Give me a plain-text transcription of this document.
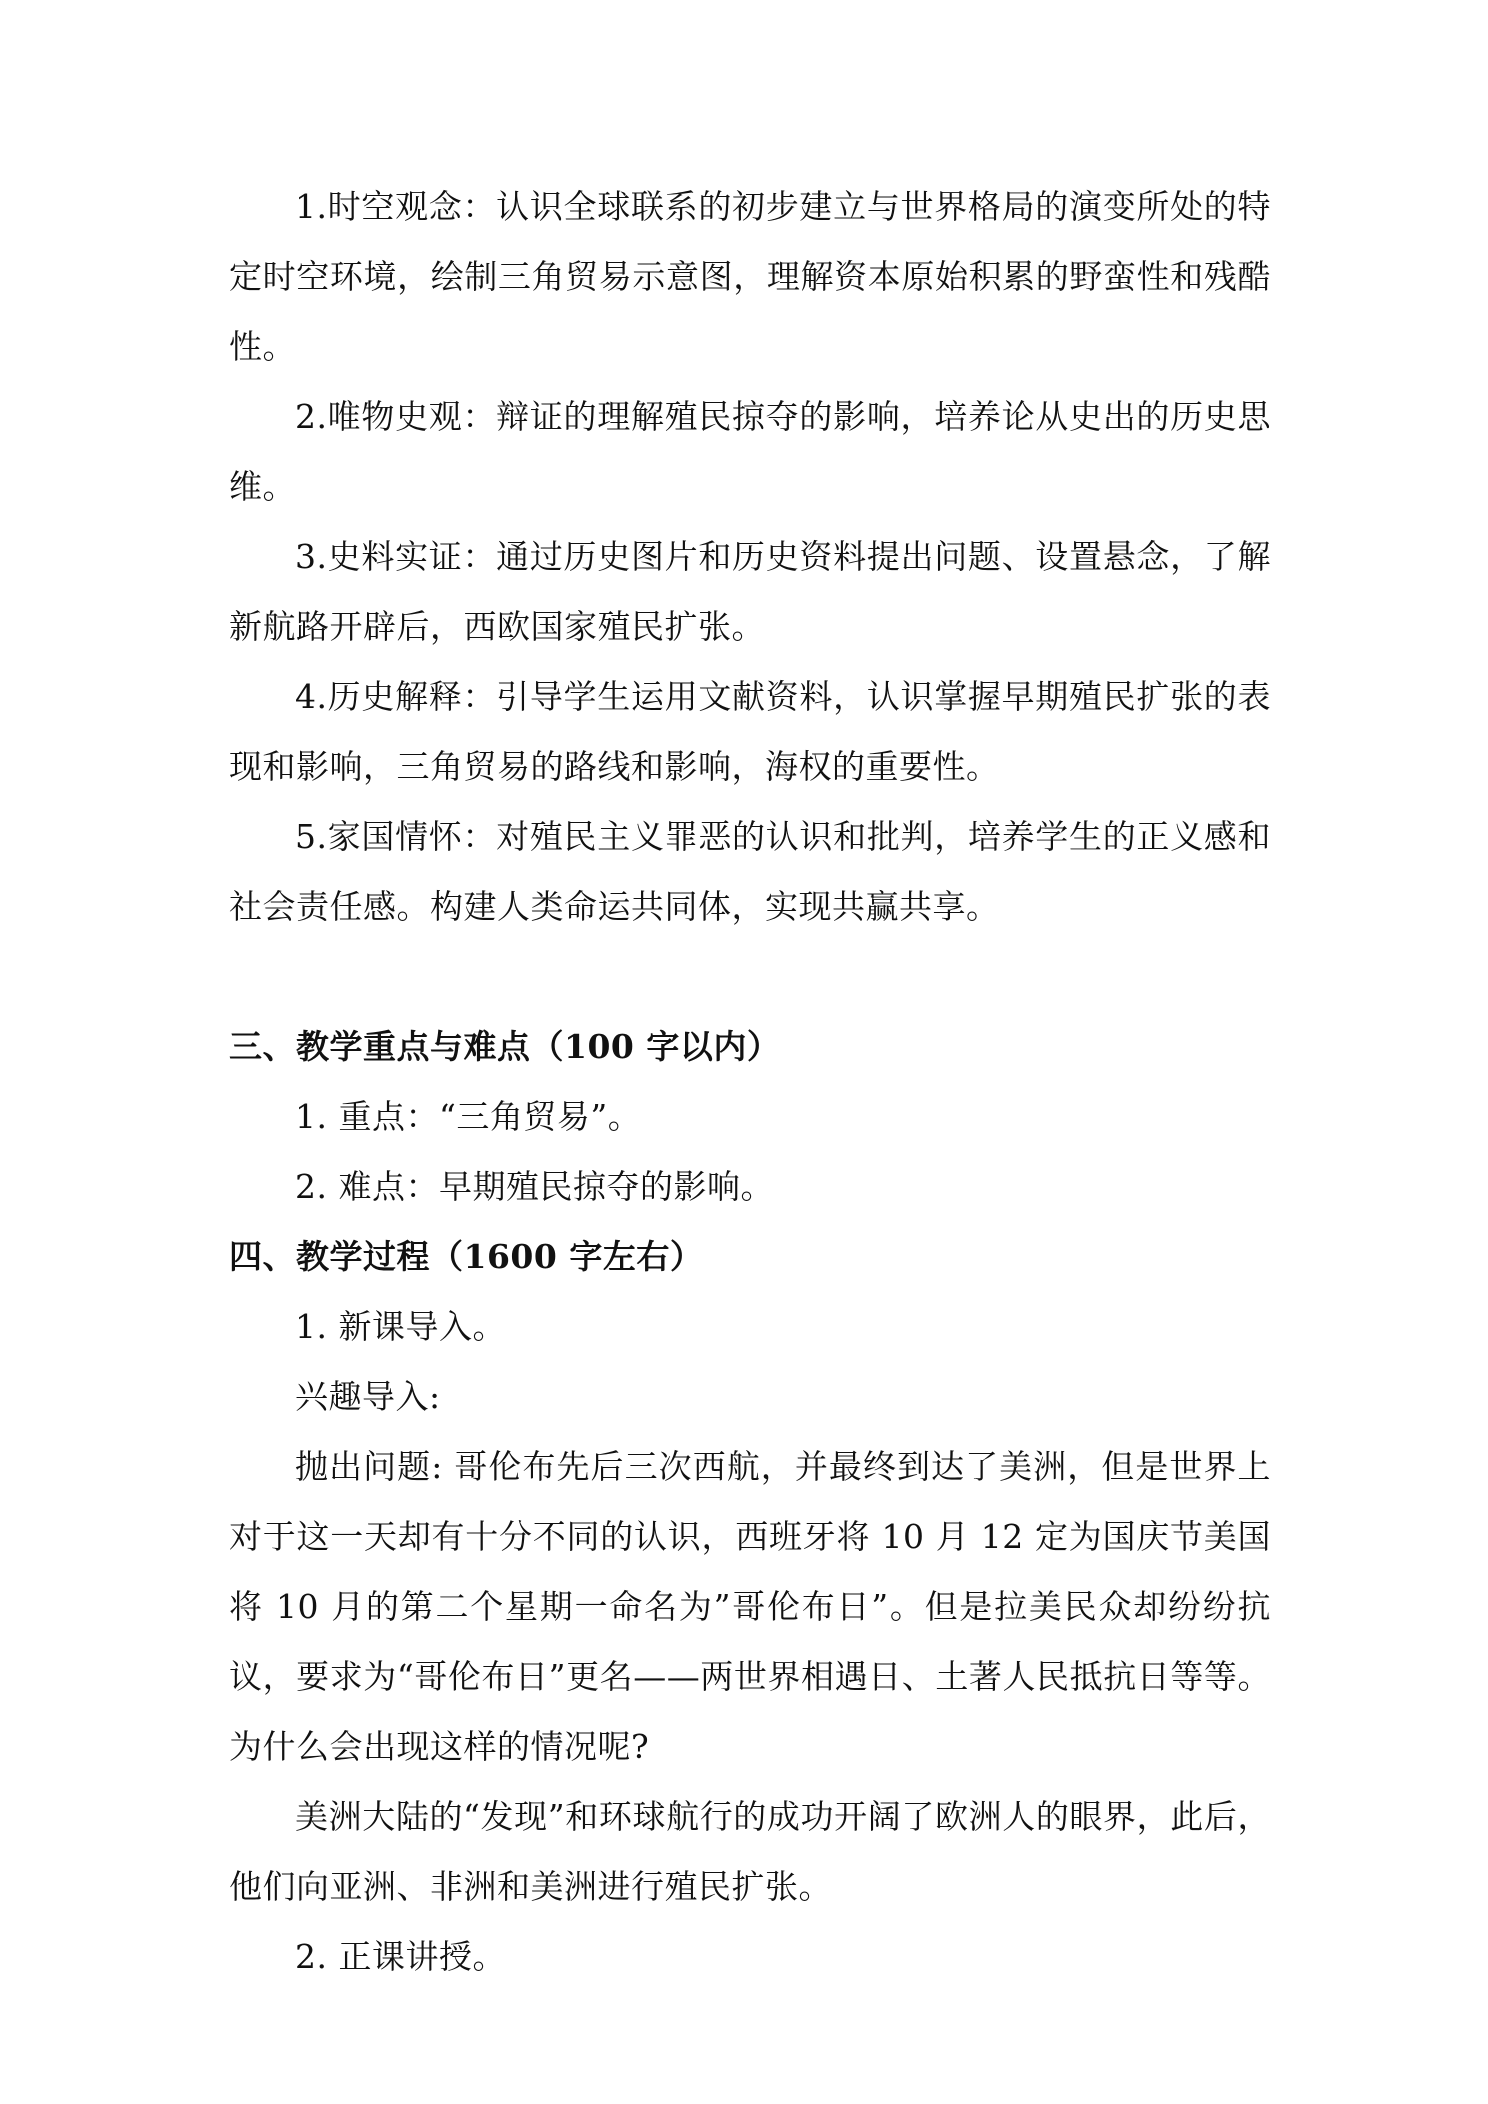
1.时空观念：认识全球联系的初步建立与世界格局的演变所处的特定时空环境，绘制三角贸易示意图，理解资本原始积累的野蛮性和残酷性。

2.唯物史观：辩证的理解殖民掠夺的影响，培养论从史出的历史思维。

3.史料实证：通过历史图片和历史资料提出问题、设置悬念，了解新航路开辟后，西欧国家殖民扩张。

4.历史解释：引导学生运用文献资料，认识掌握早期殖民扩张的表现和影响，三角贸易的路线和影响，海权的重要性。

5.家国情怀：对殖民主义罪恶的认识和批判，培养学生的正义感和社会责任感。构建人类命运共同体，实现共赢共享。

三、教学重点与难点（100 字以内）

1. 重点：“三角贸易”。

2. 难点：早期殖民掠夺的影响。

四、教学过程（1600 字左右）

1. 新课导入。

兴趣导入:

抛出问题: 哥伦布先后三次西航，并最终到达了美洲，但是世界上对于这一天却有十分不同的认识，西班牙将 10 月 12 定为国庆节美国将 10 月的第二个星期一命名为”哥伦布日”。但是拉美民众却纷纷抗议，要求为“哥伦布日”更名——两世界相遇日、土著人民抵抗日等等。为什么会出现这样的情况呢?

美洲大陆的“发现”和环球航行的成功开阔了欧洲人的眼界，此后，他们向亚洲、非洲和美洲进行殖民扩张。

2. 正课讲授。
